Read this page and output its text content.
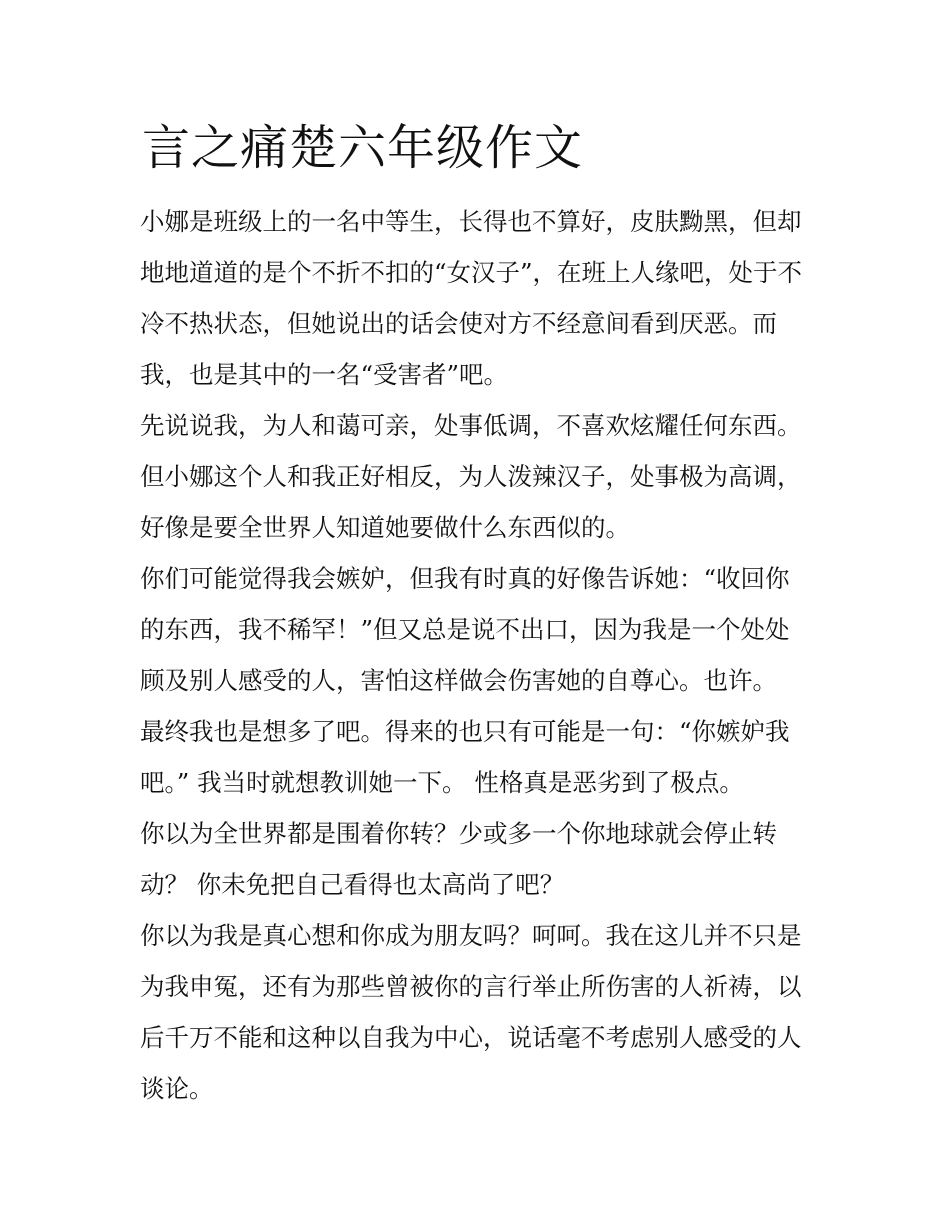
言之痛楚六年级作文
小娜是班级上的一名中等生，长得也不算好，皮肤黝黑，但却
地地道道的是个不折不扣的“女汉子”，在班上人缘吧，处于不
冷不热状态，但她说出的话会使对方不经意间看到厌恶。而
我，也是其中的一名“受害者”吧。
先说说我，为人和蔼可亲，处事低调，不喜欢炫耀任何东西。
但小娜这个人和我正好相反，为人泼辣汉子，处事极为高调，
好像是要全世界人知道她要做什么东西似的。
你们可能觉得我会嫉妒，但我有时真的好像告诉她：“收回你
的东西，我不稀罕！”但又总是说不出口，因为我是一个处处
顾及别人感受的人，害怕这样做会伤害她的自尊心。也许。
最终我也是想多了吧。得来的也只有可能是一句：“你嫉妒我
吧。” 我当时就想教训她一下。 性格真是恶劣到了极点。
你以为全世界都是围着你转？少或多一个你地球就会停止转
动？ 你未免把自己看得也太高尚了吧？
你以为我是真心想和你成为朋友吗？呵呵。我在这儿并不只是
为我申冤，还有为那些曾被你的言行举止所伤害的人祈祷，以
后千万不能和这种以自我为中心，说话毫不考虑别人感受的人
谈论。
